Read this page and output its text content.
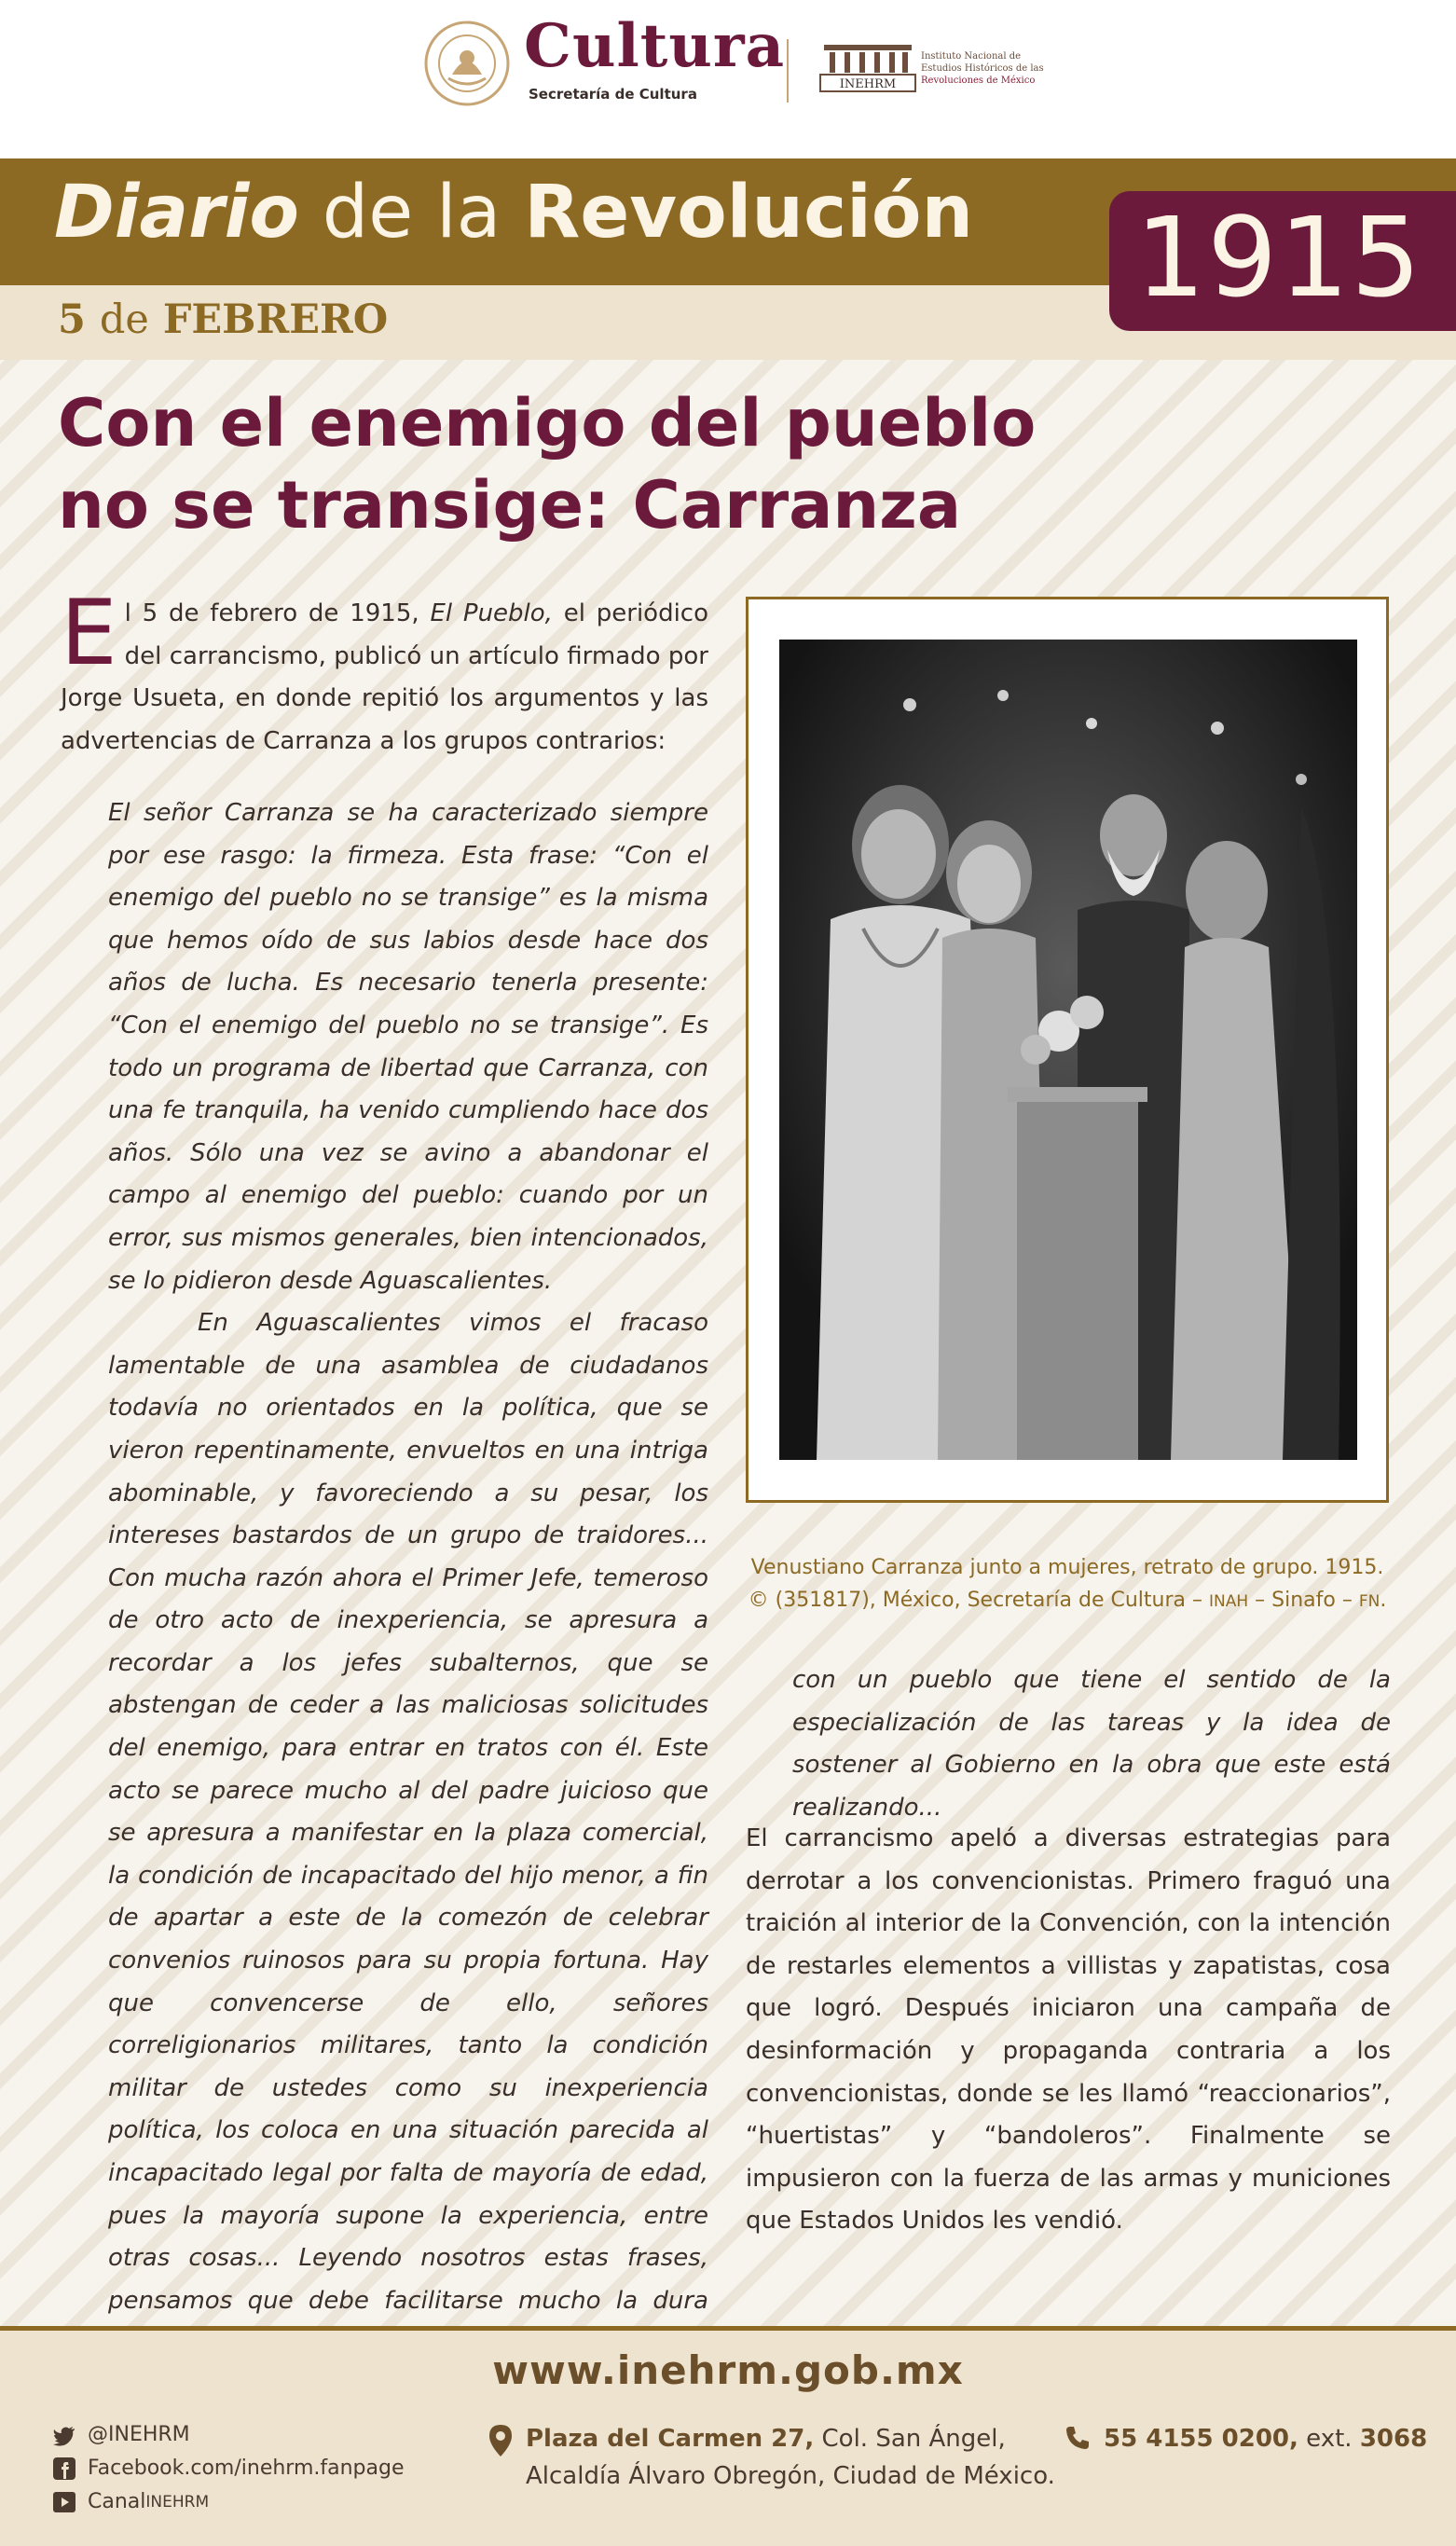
Cultura
Secretaría de Cultura
INEHRM
Instituto Nacional de
Estudios Históricos de las
Revoluciones de México
Diario de la Revolución
5 de FEBRERO	1915
Con el enemigo del pueblo
no se transige: Carranza
El 5 de febrero de 1915, El Pueblo, el periódico del carrancismo, publicó un artículo firmado por Jorge Usueta, en donde repitió los argumentos y las advertencias de Carranza a los grupos contrarios:

El señor Carranza se ha caracterizado siempre por ese rasgo: la firmeza. Esta frase: “Con el enemigo del pueblo no se transige” es la misma que hemos oído de sus labios desde hace dos años de lucha. Es necesario tenerla presente: “Con el enemigo del pueblo no se transige”. Es todo un programa de libertad que Carranza, con una fe tranquila, ha venido cumpliendo hace dos años. Sólo una vez se avino a abandonar el campo al enemigo del pueblo: cuando por un error, sus mismos generales, bien intencionados, se lo pidieron desde Aguascalientes.

En Aguascalientes vimos el fracaso lamentable de una asamblea de ciudadanos todavía no orientados en la política, que se vieron repentinamente, envueltos en una intriga abominable, y favoreciendo a su pesar, los intereses bastardos de un grupo de traidores... Con mucha razón ahora el Primer Jefe, temeroso de otro acto de inexperiencia, se apresura a recordar a los jefes subalternos, que se abstengan de ceder a las maliciosas solicitudes del enemigo, para entrar en tratos con él. Este acto se parece mucho al del padre juicioso que se apresura a manifestar en la plaza comercial, la condición de incapacitado del hijo menor, a fin de apartar a este de la comezón de celebrar convenios ruinosos para su propia fortuna. Hay que convencerse de ello, señores correligionarios militares, tanto la condición militar de ustedes como su inexperiencia política, los coloca en una situación parecida al incapacitado legal por falta de mayoría de edad, pues la mayoría supone la experiencia, entre otras cosas... Leyendo nosotros estas frases, pensamos que debe facilitarse mucho la dura

Venustiano Carranza junto a mujeres, retrato de grupo. 1915.
© (351817), México, Secretaría de Cultura – INAH – Sinafo – FN.
con un pueblo que tiene el sentido de la especialización de las tareas y la idea de sostener al Gobierno en la obra que este está realizando...
El carrancismo apeló a diversas estrategias para derrotar a los convencionistas. Primero fraguó una traición al interior de la Convención, con la intención de restarles elementos a villistas y zapatistas, cosa que logró. Después iniciaron una campaña de desinformación y propaganda contraria a los convencionistas, donde se les llamó “reaccionarios”, “huertistas” y “bandoleros”. Finalmente se impusieron con la fuerza de las armas y municiones que Estados Unidos les vendió.
www.inehrm.gob.mx
@INEHRM
Facebook.com/inehrm.fanpage
Canal INEHRM
Plaza del Carmen 27, Col. San Ángel,
Alcaldía Álvaro Obregón, Ciudad de México.
55 4155 0200, ext. 3068
